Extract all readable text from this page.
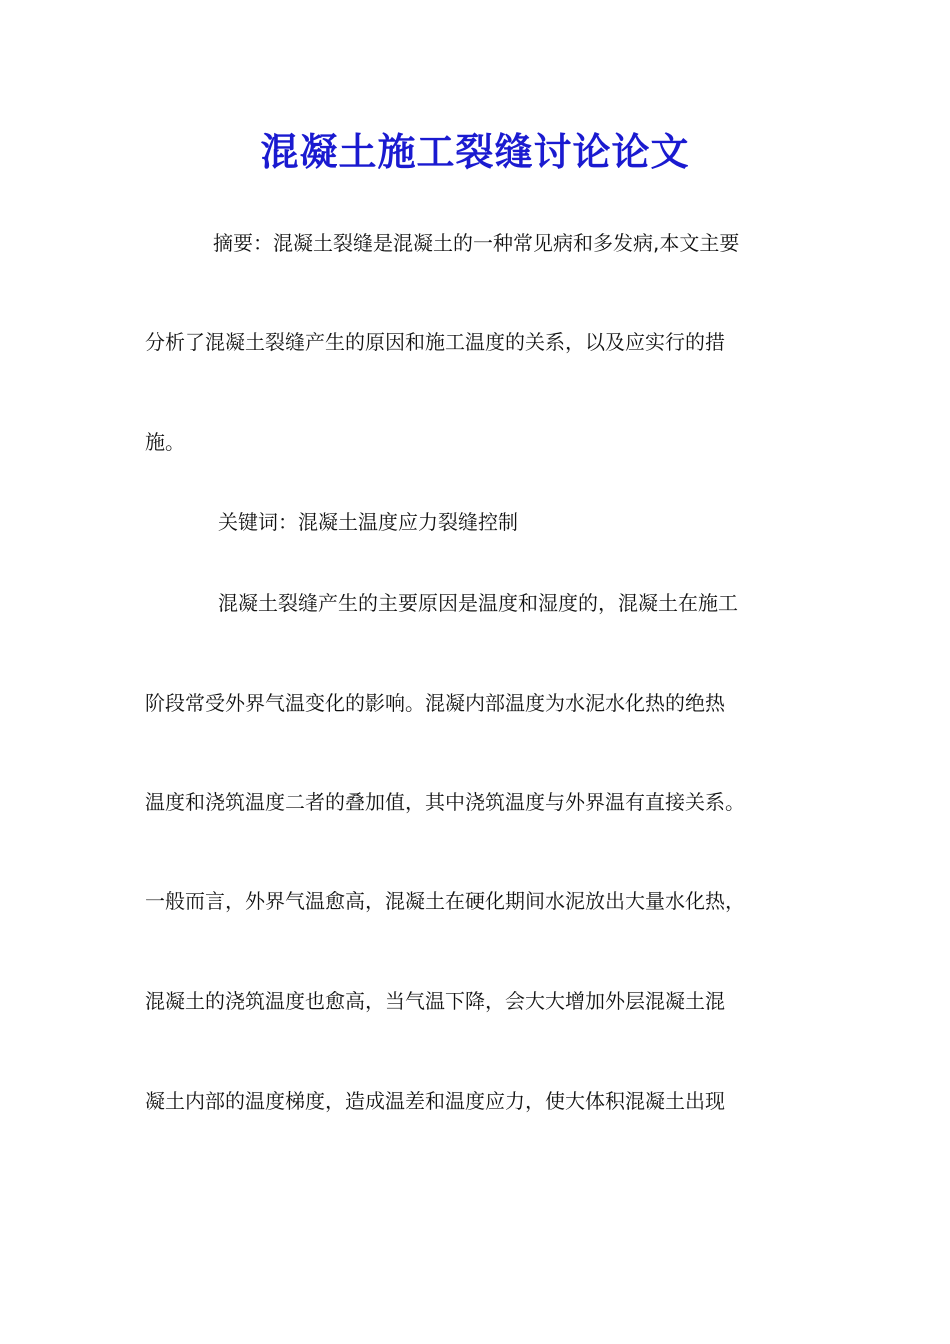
混凝土施工裂缝讨论论文
摘要：混凝土裂缝是混凝土的一种常见病和多发病,本文主要
分析了混凝土裂缝产生的原因和施工温度的关系，以及应实行的措
施。
关键词：混凝土温度应力裂缝控制
混凝土裂缝产生的主要原因是温度和湿度的，混凝土在施工
阶段常受外界气温变化的影响。混凝内部温度为水泥水化热的绝热
温度和浇筑温度二者的叠加值，其中浇筑温度与外界温有直接关系。
一般而言，外界气温愈高，混凝土在硬化期间水泥放出大量水化热，
混凝土的浇筑温度也愈高，当气温下降，会大大增加外层混凝土混
凝土内部的温度梯度，造成温差和温度应力，使大体积混凝土出现
